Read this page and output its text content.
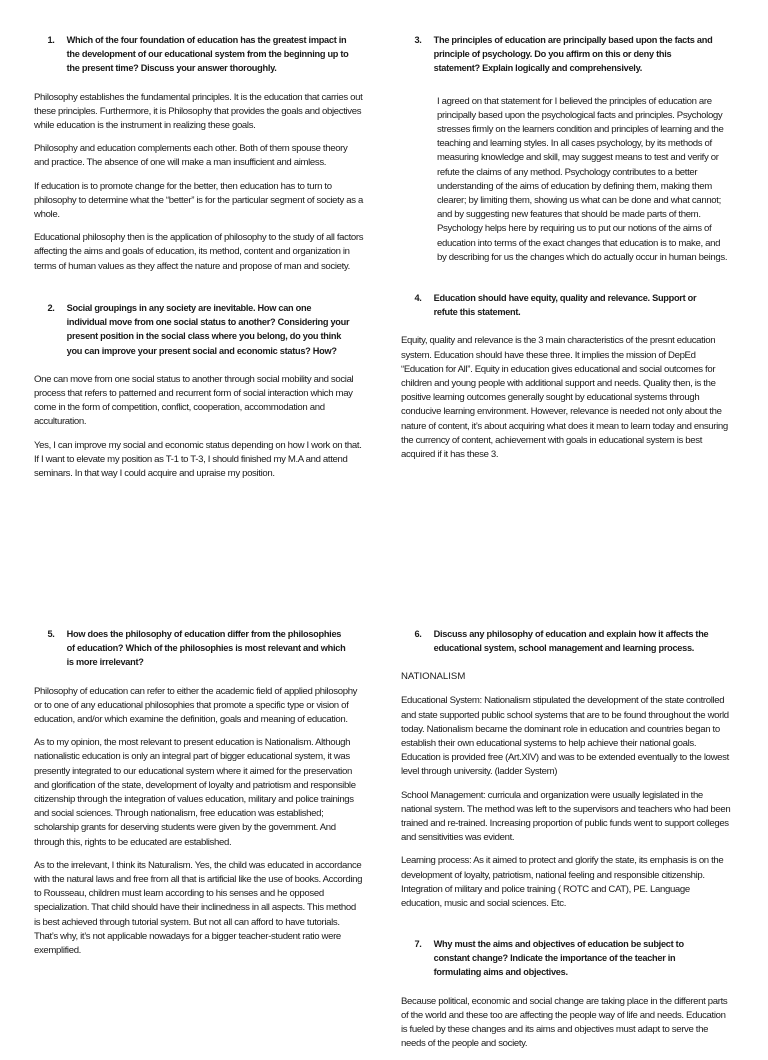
1. Which of the four foundation of education has the greatest impact in the development of our educational system from the beginning up to the present time? Discuss your answer thoroughly.

Philosophy establishes the fundamental principles. It is the education that carries out these principles. Furthermore, it is Philosophy that provides the goals and objectives while education is the instrument in realizing these goals.

Philosophy and education complements each other. Both of them spouse theory and practice. The absence of one will make a man insufficient and aimless.

If education is to promote change for the better, then education has to turn to philosophy to determine what the “better” is for the particular segment of society as a whole.

Educational philosophy then is the application of philosophy to the study of all factors affecting the aims and goals of education, its method, content and organization in terms of human values as they affect the nature and propose of man and society.

2. Social groupings in any society are inevitable. How can one individual move from one social status to another? Considering your present position in the social class where you belong, do you think you can improve your present social and economic status? How?

One can move from one social status to another through social mobility and social process that refers to patterned and recurrent form of social interaction which may come in the form of competition, conflict, cooperation, accommodation and acculturation.

Yes, I can improve my social and economic status depending on how I work on that. If I want to elevate my position as T-1 to T-3, I should finished my M.A and attend seminars. In that way I could acquire and upraise my position.

3. The principles of education are principally based upon the facts and principle of psychology. Do you affirm on this or deny this statement? Explain logically and comprehensively.

I agreed on that statement for I believed the principles of education are principally based upon the psychological facts and principles. Psychology stresses firmly on the learners condition and principles of learning and the teaching and learning styles. In all cases psychology, by its methods of measuring knowledge and skill, may suggest means to test and verify or refute the claims of any method. Psychology contributes to a better understanding of the aims of education by defining them, making them clearer; by limiting them, showing us what can be done and what cannot; and by suggesting new features that should be made parts of them. Psychology helps here by requiring us to put our notions of the aims of education into terms of the exact changes that education is to make, and by describing for us the changes which do actually occur in human beings.

4. Education should have equity, quality and relevance. Support or refute this statement.

Equity, quality and relevance is the 3 main characteristics of the presnt education system. Education should have these three. It implies the mission of DepEd “Education for All”. Equity in education gives educational and social outcomes for children and young people with additional support and needs. Quality then, is the positive learning outcomes generally sought by educational systems through conducive learning environment. However, relevance is needed not only about the nature of content, it’s about acquiring what does it mean to learn today and ensuring the currency of content, achievement with goals in educational system is best acquired if it has these 3.

5. How does the philosophy of education differ from the philosophies of education? Which of the philosophies is most relevant and which is more irrelevant?

Philosophy of education can refer to either the academic field of applied philosophy or to one of any educational philosophies that promote a specific type or vision of education, and/or which examine the definition, goals and meaning of education.

As to my opinion, the most relevant to present education is Nationalism. Although nationalistic education is only an integral part of bigger educational system, it was presently integrated to our educational system where it aimed for the preservation and glorification of the state, development of loyalty and patriotism and responsible citizenship through the integration of values education, military and police trainings and social sciences. Through nationalism, free education was established; scholarship grants for deserving students were given by the government. And through this, rights to be educated are established.

As to the irrelevant, I think its Naturalism. Yes, the child was educated in accordance with the natural laws and free from all that is artificial like the use of books. According to Rousseau, children must learn according to his senses and he opposed specialization. That child should have their inclinedness in all aspects. This method is best achieved through tutorial system. But not all can afford to have tutorials. That’s why, it’s not applicable nowadays for a bigger teacher-student ratio were exemplified.

6. Discuss any philosophy of education and explain how it affects the educational system, school management and learning process.

NATIONALISM

Educational System: Nationalism stipulated the development of the state controlled and state supported public school systems that are to be found throughout the world today. Nationalism became the dominant role in education and countries began to establish their own educational systems to help achieve their national goals. Education is provided free (Art.XIV) and was to be extended eventually to the lowest level through university. (ladder System)

School Management: curricula and organization were usually legislated in the national system. The method was left to the supervisors and teachers who had been trained and re-trained. Increasing proportion of public funds went to support colleges and sensitivities was evident.

Learning process: As it aimed to protect and glorify the state, its emphasis is on the development of loyalty, patriotism, national feeling and responsible citizenship. Integration of military and police training ( ROTC and CAT), PE. Language education, music and social sciences. Etc.

7. Why must the aims and objectives of education be subject to constant change? Indicate the importance of the teacher in formulating aims and objectives.

Because political, economic and social change are taking place in the different parts of the world and these too are affecting the people way of life and needs. Education is fueled by these changes and its aims and objectives must adapt to serve the needs of the people and society.
